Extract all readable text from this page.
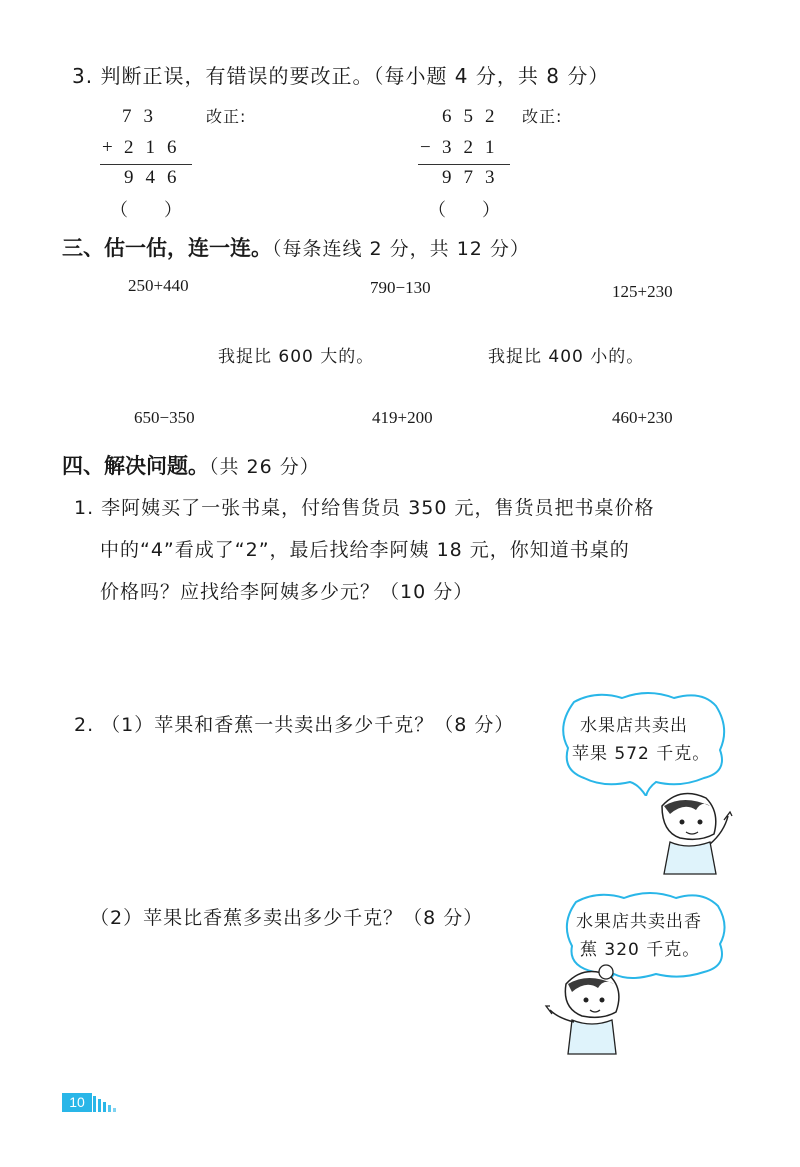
3. 判断正误，有错误的要改正。（每小题 4 分，共 8 分）
73
+ 216
946
改正:
（　　）
652
− 321
973
改正:
（　　）
三、估一估，连一连。（每条连线 2 分，共 12 分）
250+440	790−130	125+230
我捉比 600 大的。	我捉比 400 小的。
650−350	419+200	460+230
四、解决问题。（共 26 分）
1. 李阿姨买了一张书桌，付给售货员 350 元，售货员把书桌价格
中的“4”看成了“2”，最后找给李阿姨 18 元，你知道书桌的
价格吗？应找给李阿姨多少元？（10 分）
2. （1）苹果和香蕉一共卖出多少千克？（8 分）
（2）苹果比香蕉多卖出多少千克？（8 分）
水果店共卖出
苹果 572 千克。
水果店共卖出香
蕉 320 千克。
10
